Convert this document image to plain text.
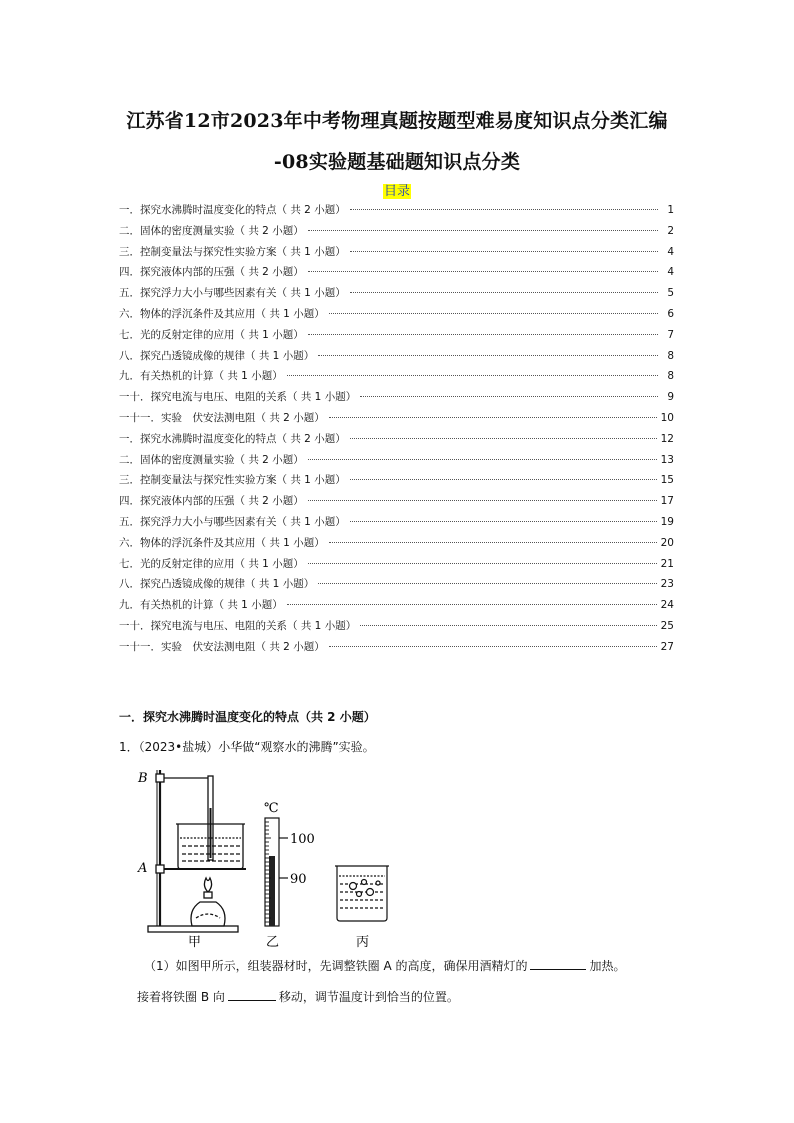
江苏省12市2023年中考物理真题按题型难易度知识点分类汇编
-08实验题基础题知识点分类
目录
一．探究水沸腾时温度变化的特点（ 共 2 小题）	1
二．固体的密度测量实验（ 共 2 小题）	2
三．控制变量法与探究性实验方案（ 共 1 小题）	4
四．探究液体内部的压强（ 共 2 小题）	4
五．探究浮力大小与哪些因素有关（ 共 1 小题）	5
六．物体的浮沉条件及其应用（ 共 1 小题）	6
七．光的反射定律的应用（ 共 1 小题）	7
八．探究凸透镜成像的规律（ 共 1 小题）	8
九．有关热机的计算（ 共 1 小题）	8
一十．探究电流与电压、电阻的关系（ 共 1 小题）	9
一十一．实验　伏安法测电阻（ 共 2 小题）	10
一．探究水沸腾时温度变化的特点（ 共 2 小题）	12
二．固体的密度测量实验（ 共 2 小题）	13
三．控制变量法与探究性实验方案（ 共 1 小题）	15
四．探究液体内部的压强（ 共 2 小题）	17
五．探究浮力大小与哪些因素有关（ 共 1 小题）	19
六．物体的浮沉条件及其应用（ 共 1 小题）	20
七．光的反射定律的应用（ 共 1 小题）	21
八．探究凸透镜成像的规律（ 共 1 小题）	23
九．有关热机的计算（ 共 1 小题）	24
一十．探究电流与电压、电阻的关系（ 共 1 小题）	25
一十一．实验　伏安法测电阻（ 共 2 小题）	27
一．探究水沸腾时温度变化的特点（共 2 小题）
1．（2023•盐城）小华做“观察水的沸腾”实验。
B
A
℃
100
90
甲	乙	丙
（1）如图甲所示，组装器材时，先调整铁圈 A 的高度，确保用酒精灯的	加热。
接着将铁圈 B 向	移动，调节温度计到恰当的位置。
